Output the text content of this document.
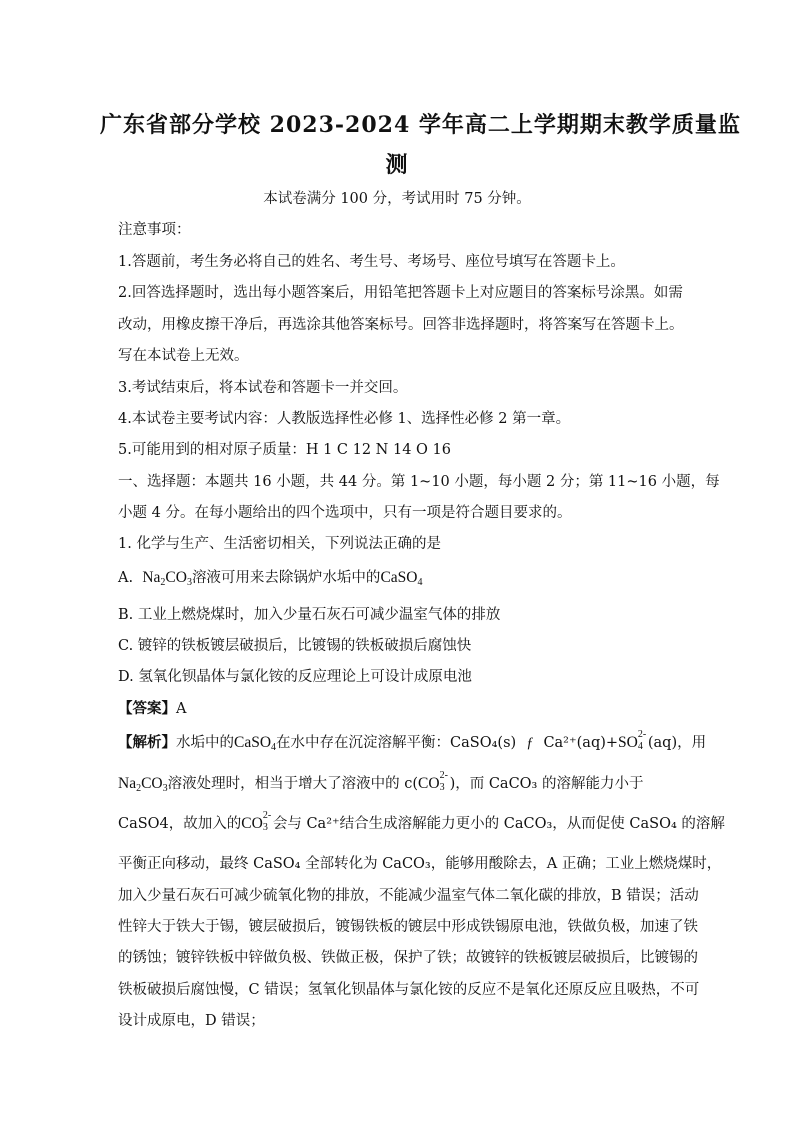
广东省部分学校 2023-2024 学年高二上学期期末教学质量监
测
本试卷满分 100 分，考试用时 75 分钟。
注意事项：
1.答题前，考生务必将自己的姓名、考生号、考场号、座位号填写在答题卡上。
2.回答选择题时，选出每小题答案后，用铅笔把答题卡上对应题目的答案标号涂黑。如需
改动，用橡皮擦干净后，再选涂其他答案标号。回答非选择题时，将答案写在答题卡上。
写在本试卷上无效。
3.考试结束后，将本试卷和答题卡一并交回。
4.本试卷主要考试内容：人教版选择性必修 1、选择性必修 2 第一章。
5.可能用到的相对原子质量：H 1 C 12 N 14 O 16
一、选择题：本题共 16 小题，共 44 分。第 1~10 小题，每小题 2 分；第 11~16 小题，每
小题 4 分。在每小题给出的四个选项中，只有一项是符合题目要求的。
1. 化学与生产、生活密切相关，下列说法正确的是
A. $Na_2CO_3$溶液可用来去除锅炉水垢中的CaSO$_4$
B. 工业上燃烧煤时，加入少量石灰石可减少温室气体的排放
C. 镀锌的铁板镀层破损后，比镀锡的铁板破损后腐蚀快
D. 氢氧化钡晶体与氯化铵的反应理论上可设计成原电池
【答案】A
【解析】水垢中的CaSO$_4$在水中存在沉淀溶解平衡：CaSO₄(s) ƒ Ca²⁺(aq)+SO 2-
4 (aq)，用
$Na_2CO_3$溶液处理时，相当于增大了溶液中的 c(CO 2-
3 )，而 CaCO₃ 的溶解能力小于
CaSO4，故加入的CO 2-
3 会与 Ca²⁺结合生成溶解能力更小的 CaCO₃，从而促使 CaSO₄ 的溶解
平衡正向移动，最终 CaSO₄ 全部转化为 CaCO₃，能够用酸除去，A 正确；工业上燃烧煤时，
加入少量石灰石可减少硫氧化物的排放，不能减少温室气体二氧化碳的排放，B 错误；活动
性锌大于铁大于锡，镀层破损后，镀锡铁板的镀层中形成铁锡原电池，铁做负极，加速了铁
的锈蚀；镀锌铁板中锌做负极、铁做正极，保护了铁；故镀锌的铁板镀层破损后，比镀锡的
铁板破损后腐蚀慢，C 错误；氢氧化钡晶体与氯化铵的反应不是氧化还原反应且吸热，不可
设计成原电，D 错误；
